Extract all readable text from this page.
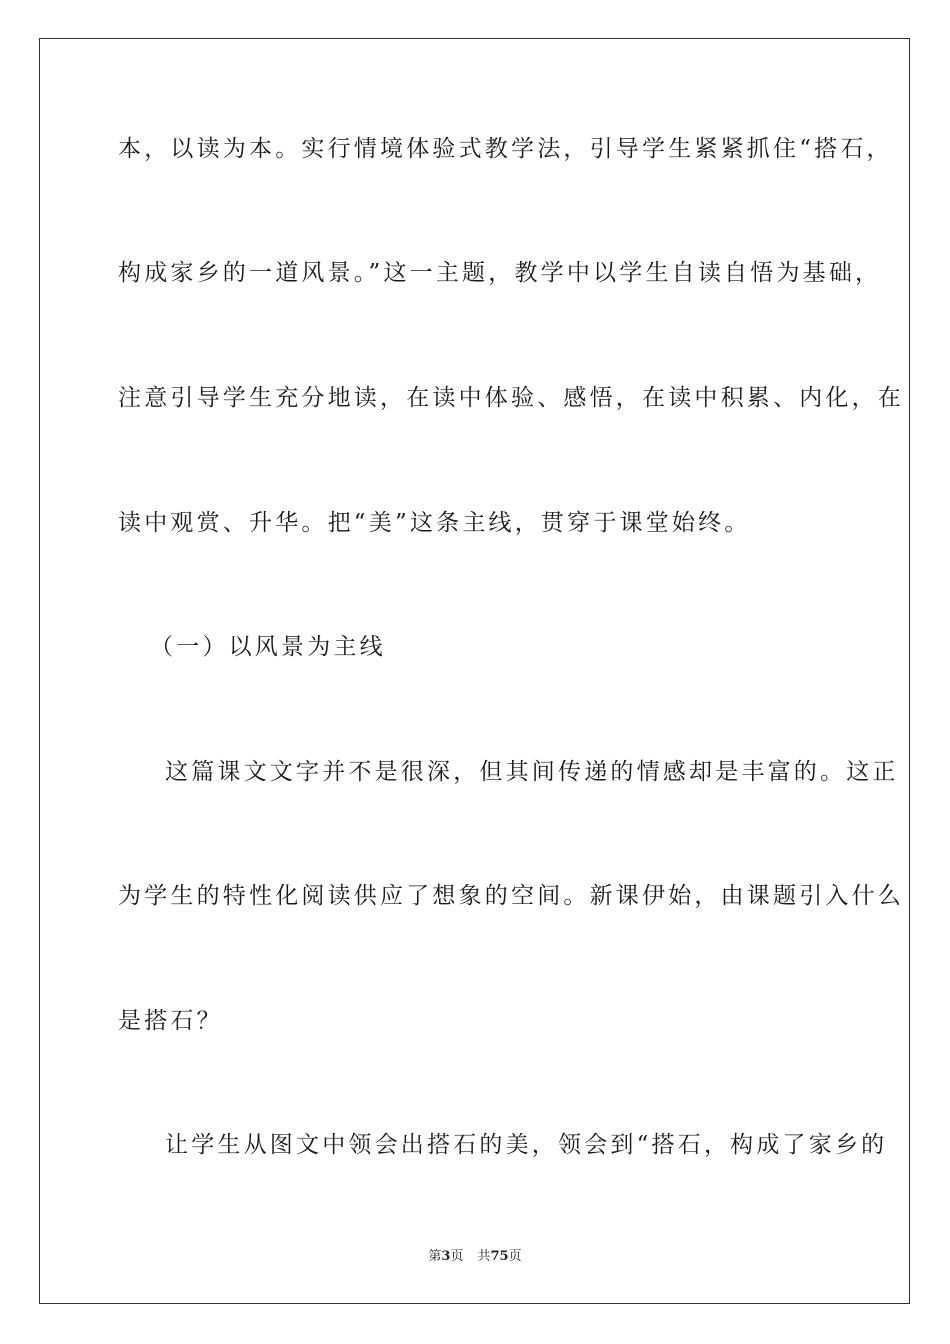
本，以读为本。实行情境体验式教学法，引导学生紧紧抓住“搭石，
构成家乡的一道风景。”这一主题，教学中以学生自读自悟为基础，
注意引导学生充分地读，在读中体验、感悟，在读中积累、内化，在
读中观赏、升华。把“美”这条主线，贯穿于课堂始终。
（一）以风景为主线
这篇课文文字并不是很深，但其间传递的情感却是丰富的。这正
为学生的特性化阅读供应了想象的空间。新课伊始，由课题引入什么
是搭石？
让学生从图文中领会出搭石的美，领会到“搭石，构成了家乡的
第3页 共75页
